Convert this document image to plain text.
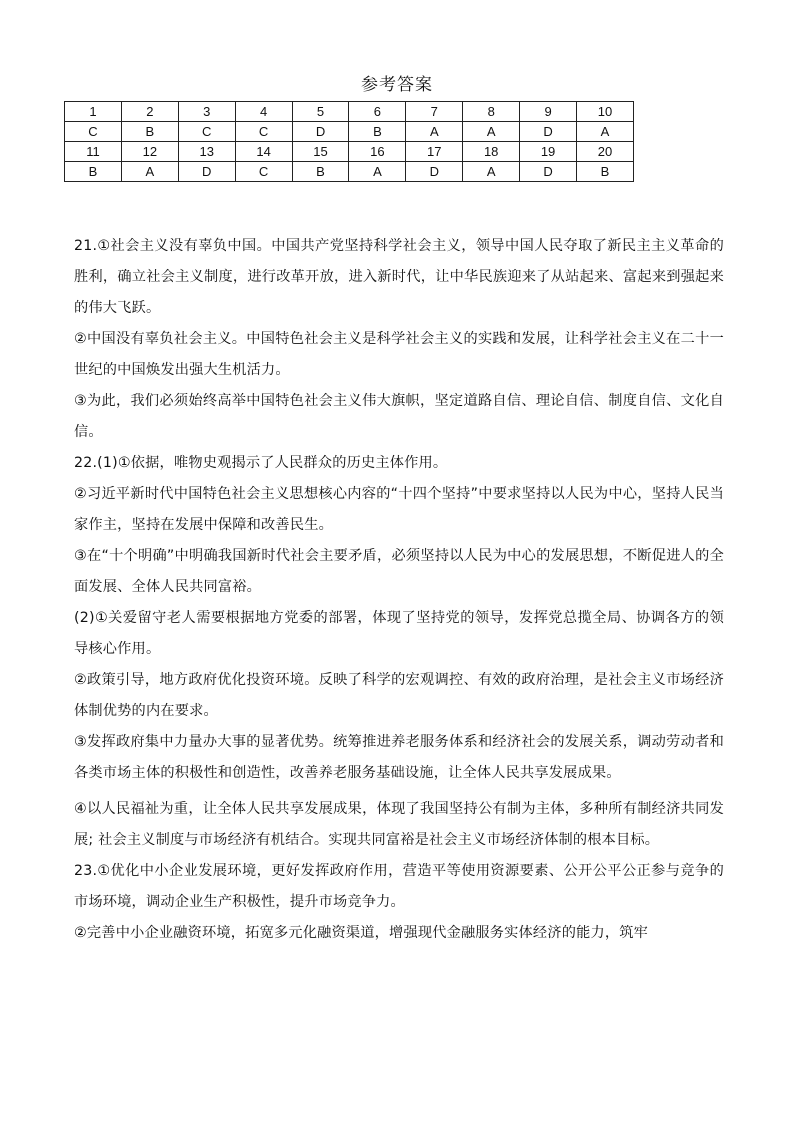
参考答案
1	2	3	4	5	6	7	8	9	10
C	B	C	C	D	B	A	A	D	A
11	12	13	14	15	16	17	18	19	20
B	A	D	C	B	A	D	A	D	B

21.①社会主义没有辜负中国。中国共产党坚持科学社会主义，领导中国人民夺取了新民主主义革命的胜利，确立社会主义制度，进行改革开放，进入新时代，让中华民族迎来了从站起来、富起来到强起来的伟大飞跃。

②中国没有辜负社会主义。中国特色社会主义是科学社会主义的实践和发展，让科学社会主义在二十一世纪的中国焕发出强大生机活力。

③为此，我们必须始终高举中国特色社会主义伟大旗帜，坚定道路自信、理论自信、制度自信、文化自信。

22.(1)①依据，唯物史观揭示了人民群众的历史主体作用。

②习近平新时代中国特色社会主义思想核心内容的“十四个坚持”中要求坚持以人民为中心，坚持人民当家作主，坚持在发展中保障和改善民生。

③在“十个明确”中明确我国新时代社会主要矛盾，必须坚持以人民为中心的发展思想，不断促进人的全面发展、全体人民共同富裕。

(2)①关爱留守老人需要根据地方党委的部署，体现了坚持党的领导，发挥党总揽全局、协调各方的领导核心作用。

②政策引导，地方政府优化投资环境。反映了科学的宏观调控、有效的政府治理，是社会主义市场经济体制优势的内在要求。

③发挥政府集中力量办大事的显著优势。统筹推进养老服务体系和经济社会的发展关系，调动劳动者和各类市场主体的积极性和创造性，改善养老服务基础设施，让全体人民共享发展成果。

④以人民福祉为重，让全体人民共享发展成果，体现了我国坚持公有制为主体，多种所有制经济共同发展; 社会主义制度与市场经济有机结合。实现共同富裕是社会主义市场经济体制的根本目标。

23.①优化中小企业发展环境，更好发挥政府作用，营造平等使用资源要素、公开公平公正参与竞争的市场环境，调动企业生产积极性，提升市场竞争力。

②完善中小企业融资环境，拓宽多元化融资渠道，增强现代金融服务实体经济的能力，筑牢
